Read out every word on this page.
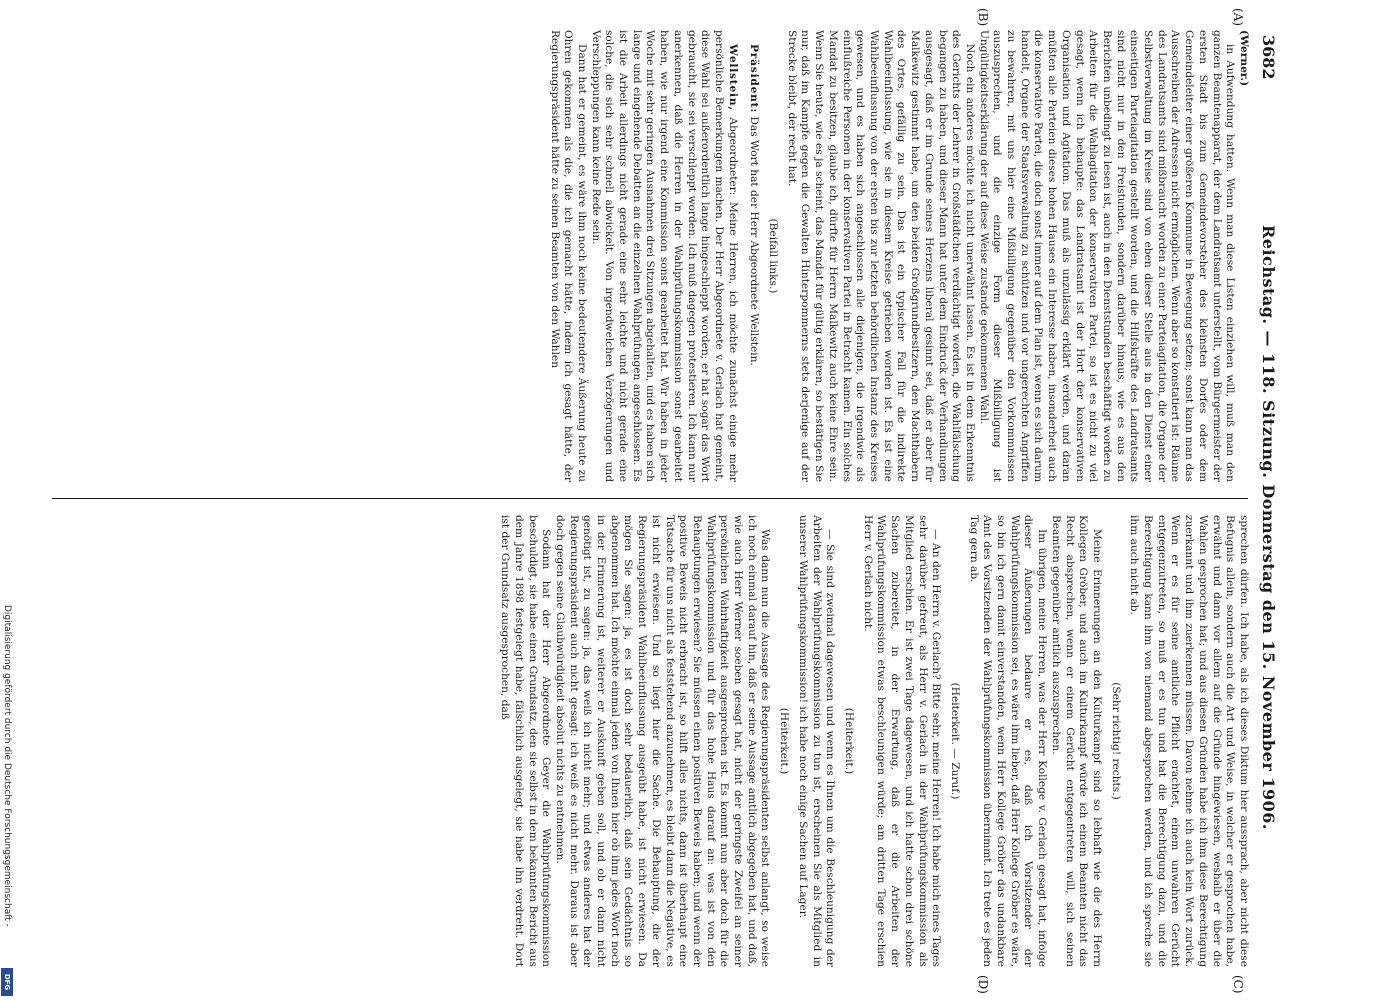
3682
Reichstag. — 118. Sitzung. Donnerstag den 15. November 1906.
(A)
(B)
(C)
(D)

(Werner.)

in Aufwendung hatten. Wenn man diese Listen einziehen will, muß man den ganzen Beamtenapparat, der dem Landratsamt unterstellt, vom Bürgermeister der ersten Stadt bis zum Gemeindevorsteher des kleinsten Dorfes oder dem Gemeindeleiter einer größeren Kommune in Bewegung setzen; sonst kann man das Ausschreiben der Adressen nicht ermöglichen. Wenn aber so konstatiert ist: Räume des Landratsamts sind mißbraucht worden zu einer Parteiagitation, die Organe der Selbstverwaltung im Kreise sind von eben dieser Stelle aus in den Dienst einer einseitigen Parteiagitation gestellt worden, und die Hilfskräfte des Landratsamts sind nicht nur in den Freistunden, sondern darüber hinaus, wie es aus den Berichten unbedingt zu lesen ist, auch in den Dienststunden beschäftigt worden zu Arbeiten für die Wahlagitation der konservativen Partei, so ist es nicht zu viel gesagt, wenn ich behaupte: das Landratsamt ist der Hort der konservativen Organisation und Agitation. Das muß als unzulässig erklärt werden, und daran müßten alle Parteien dieses hohen Hauses ein Interesse haben, insonderheit auch die konservative Partei, die doch sonst immer auf dem Plan ist, wenn es sich darum handelt, Organe der Staatsverwaltung zu schützen und vor ungerechten Angriffen zu bewahren, mit uns hier eine Mißbilligung gegenüber den Vorkommnissen auszusprechen, und die einzige Form dieser Mißbilligung ist Ungültigkeitserklärung der auf diese Weise zustande gekommenen Wahl.

Noch ein anderes möchte ich nicht unerwähnt lassen. Es ist in dem Erkenntnis des Gerichts der Lehrer in Großstädtchen verdächtigt worden, die Wahlfälschung begangen zu haben, und dieser Mann hat unter dem Eindruck der Verhandlungen ausgesagt, daß er im Grunde seines Herzens liberal gesinnt sei, daß er aber für Malkewitz gestimmt habe, um den beiden Großgrundbesitzern, den Machthabern des Ortes, gefällig zu sein. Das ist ein typischer Fall für die indirekte Wahlbeeinflussung, wie sie in diesem Kreise getrieben worden ist. Es ist eine Wahlbeeinflussung von der ersten bis zur letzten behördlichen Instanz des Kreises gewesen, und es haben sich angeschlossen alle diejenigen, die irgendwie als einflußreiche Personen in der konservativen Partei in Betracht kamen. Ein solches Mandat zu besitzen, glaube ich, dürfte für Herrn Malkewitz auch keine Ehre sein. Wenn Sie heute, wie es ja scheint, das Mandat für gültig erklären, so bestätigen Sie nur, daß im Kampfe gegen die Gewalten Hinterpommerns stets derjenige auf der Strecke bleibt, der recht hat.

(Beifall links.)

Präsident: Das Wort hat der Herr Abgeordnete Wellstein.

Wellstein, Abgeordneter: Meine Herren, ich möchte zunächst einige mehr persönliche Bemerkungen machen. Der Herr Abgeordnete v. Gerlach hat gemeint, diese Wahl sei außerordentlich lange hingeschleppt worden; er hat sogar das Wort gebraucht, sie sei verschleppt worden. Ich muß dagegen protestieren. Ich kann nur anerkennen, daß die Herren in der Wahlprüfungskommission sonst gearbeitet haben, wie nur irgend eine Kommission sonst gearbeitet hat. Wir haben in jeder Woche mit sehr geringen Ausnahmen drei Sitzungen abgehalten, und es haben sich lange und eingehende Debatten an die einzelnen Wahlprüfungen angeschlossen. Es ist die Arbeit allerdings nicht gerade eine sehr leichte und nicht gerade eine solche, die sich sehr schnell abwickelt. Von irgendwelchen Verzögerungen und Verschleppungen kann keine Rede sein.

Dann hat er gemeint, es wäre ihm noch keine bedeutendere Äußerung heute zu Ohren gekommen als die, die ich gemacht hätte, indem ich gesagt hätte, der Regierungspräsident hätte zu seinen Beamten von den Wahlen

sprechen dürfen. Ich habe, als ich dieses Diktum hier aussprach, aber nicht diese Befugnis allein, sondern auch die Art und Weise, in welcher er gesprochen habe, erwähnt und dann vor allem auf die Gründe hingewiesen, weshalb er über die Wahlen gesprochen hat; und aus diesen Gründen habe ich ihm diese Berechtigung zuerkannt und ihm zuerkennen müssen. Davon nehme ich auch kein Wort zurück. Wenn er es für seine amtliche Pflicht erachtet, einem unwahren Gerücht entgegenzutreten, so muß er es tun und hat die Berechtigung dazu, und die Berechtigung kann ihm von niemand abgesprochen werden, und ich spreche sie ihm auch nicht ab.

(Sehr richtig! rechts.)

Meine Erinnerungen an den Kulturkampf sind so lebhaft wie die des Herrn Kollegen Gröber, und auch im Kulturkampf würde ich einem Beamten nicht das Recht absprechen, wenn er einem Gerücht entgegentreten will, sich seinen Beamten gegenüber amtlich auszusprechen.

Im übrigen, meine Herren, was der Herr Kollege v. Gerlach gesagt hat, infolge dieser Äußerungen bedaure er es, daß ich Vorsitzender der Wahlprüfungskommission sei, es wäre ihm lieber, daß Herr Kollege Gröber es wäre, so bin ich gern damit einverstanden, wenn Herr Kollege Gröber das undankbare Amt des Vorsitzenden der Wahlprüfungskommission übernimmt. Ich trete es jeden Tag gern ab.

(Heiterkeit. — Zuruf.)

— An den Herrn v. Gerlach? Bitte sehr, meine Herren! Ich habe mich eines Tages sehr darüber gefreut, als Herr v. Gerlach in der Wahlprüfungskommission als Mitglied erschien. Er ist zwei Tage dagewesen, und ich hatte schon drei schöne Sachen zubereitet, in der Erwartung, daß er die Arbeiten der Wahlprüfungskommission etwas beschleunigen würde; am dritten Tage erschien Herr v. Gerlach nicht.

(Heiterkeit.)

— Sie sind zweimal dagewesen und wenn es Ihnen um die Beschleunigung der Arbeiten der Wahlprüfungskommission zu tun ist, erscheinen Sie als Mitglied in unserer Wahlprüfungskommission! ich habe noch einige Sachen auf Lager.

(Heiterkeit.)

Was dann nun die Aussage des Regierungspräsidenten selbst anlangt, so weise ich noch einmal darauf hin, daß er seine Aussage amtlich abgegeben hat, und daß, wie auch Herr Werner soeben gesagt hat, nicht der geringste Zweifel an seiner persönlichen Wahrhaftigkeit ausgesprochen ist. Es kommt nun aber doch für die Wahlprüfungskommission und für das hohe Haus darauf an: was ist von den Behauptungen erwiesen? Sie müssen einen positiven Beweis haben; und wenn der positive Beweis nicht erbracht ist, so hilft alles nichts, dann ist überhaupt eine Tatsache für uns nicht als feststehend anzunehmen, es bleibt dann die Negative, es ist nicht erwiesen. Und so liegt hier die Sache. Die Behauptung, die der Regierungspräsident Wahlbeeinflussung ausgeübt habe, ist nicht erwiesen. Da mögen Sie sagen: ja, es ist doch sehr bedauerlich, daß sein Gedächtnis so abgenommen hat. Ich möchte einmal jeden von Ihnen hier ob ihm jedes Wort noch in der Erinnerung ist, weiterer er Auskunft geben soll, und ob er dann nicht genötigt ist, zu sagen: ja, das weiß ich nicht mehr; und etwas anderes hat der Regierungspräsident auch nicht gesagt: ich weiß es nicht mehr. Daraus ist aber doch gegen seine Glaubwürdigkeit absolut nichts zu entnehmen.

Sodann hat der Herr Abgeordnete Geyer die Wahlprüfungskommission beschuldigt, sie habe einen Grundsatz, den sie selbst in dem bekannten Bericht aus dem Jahre 1898 festgelegt habe, fälschlich ausgelegt, sie habe ihn verdreht. Dort ist der Grundsatz ausgesprochen, daß

Digitalisierung gefördert durch die Deutsche Forschungsgemeinschaft -
DFG
